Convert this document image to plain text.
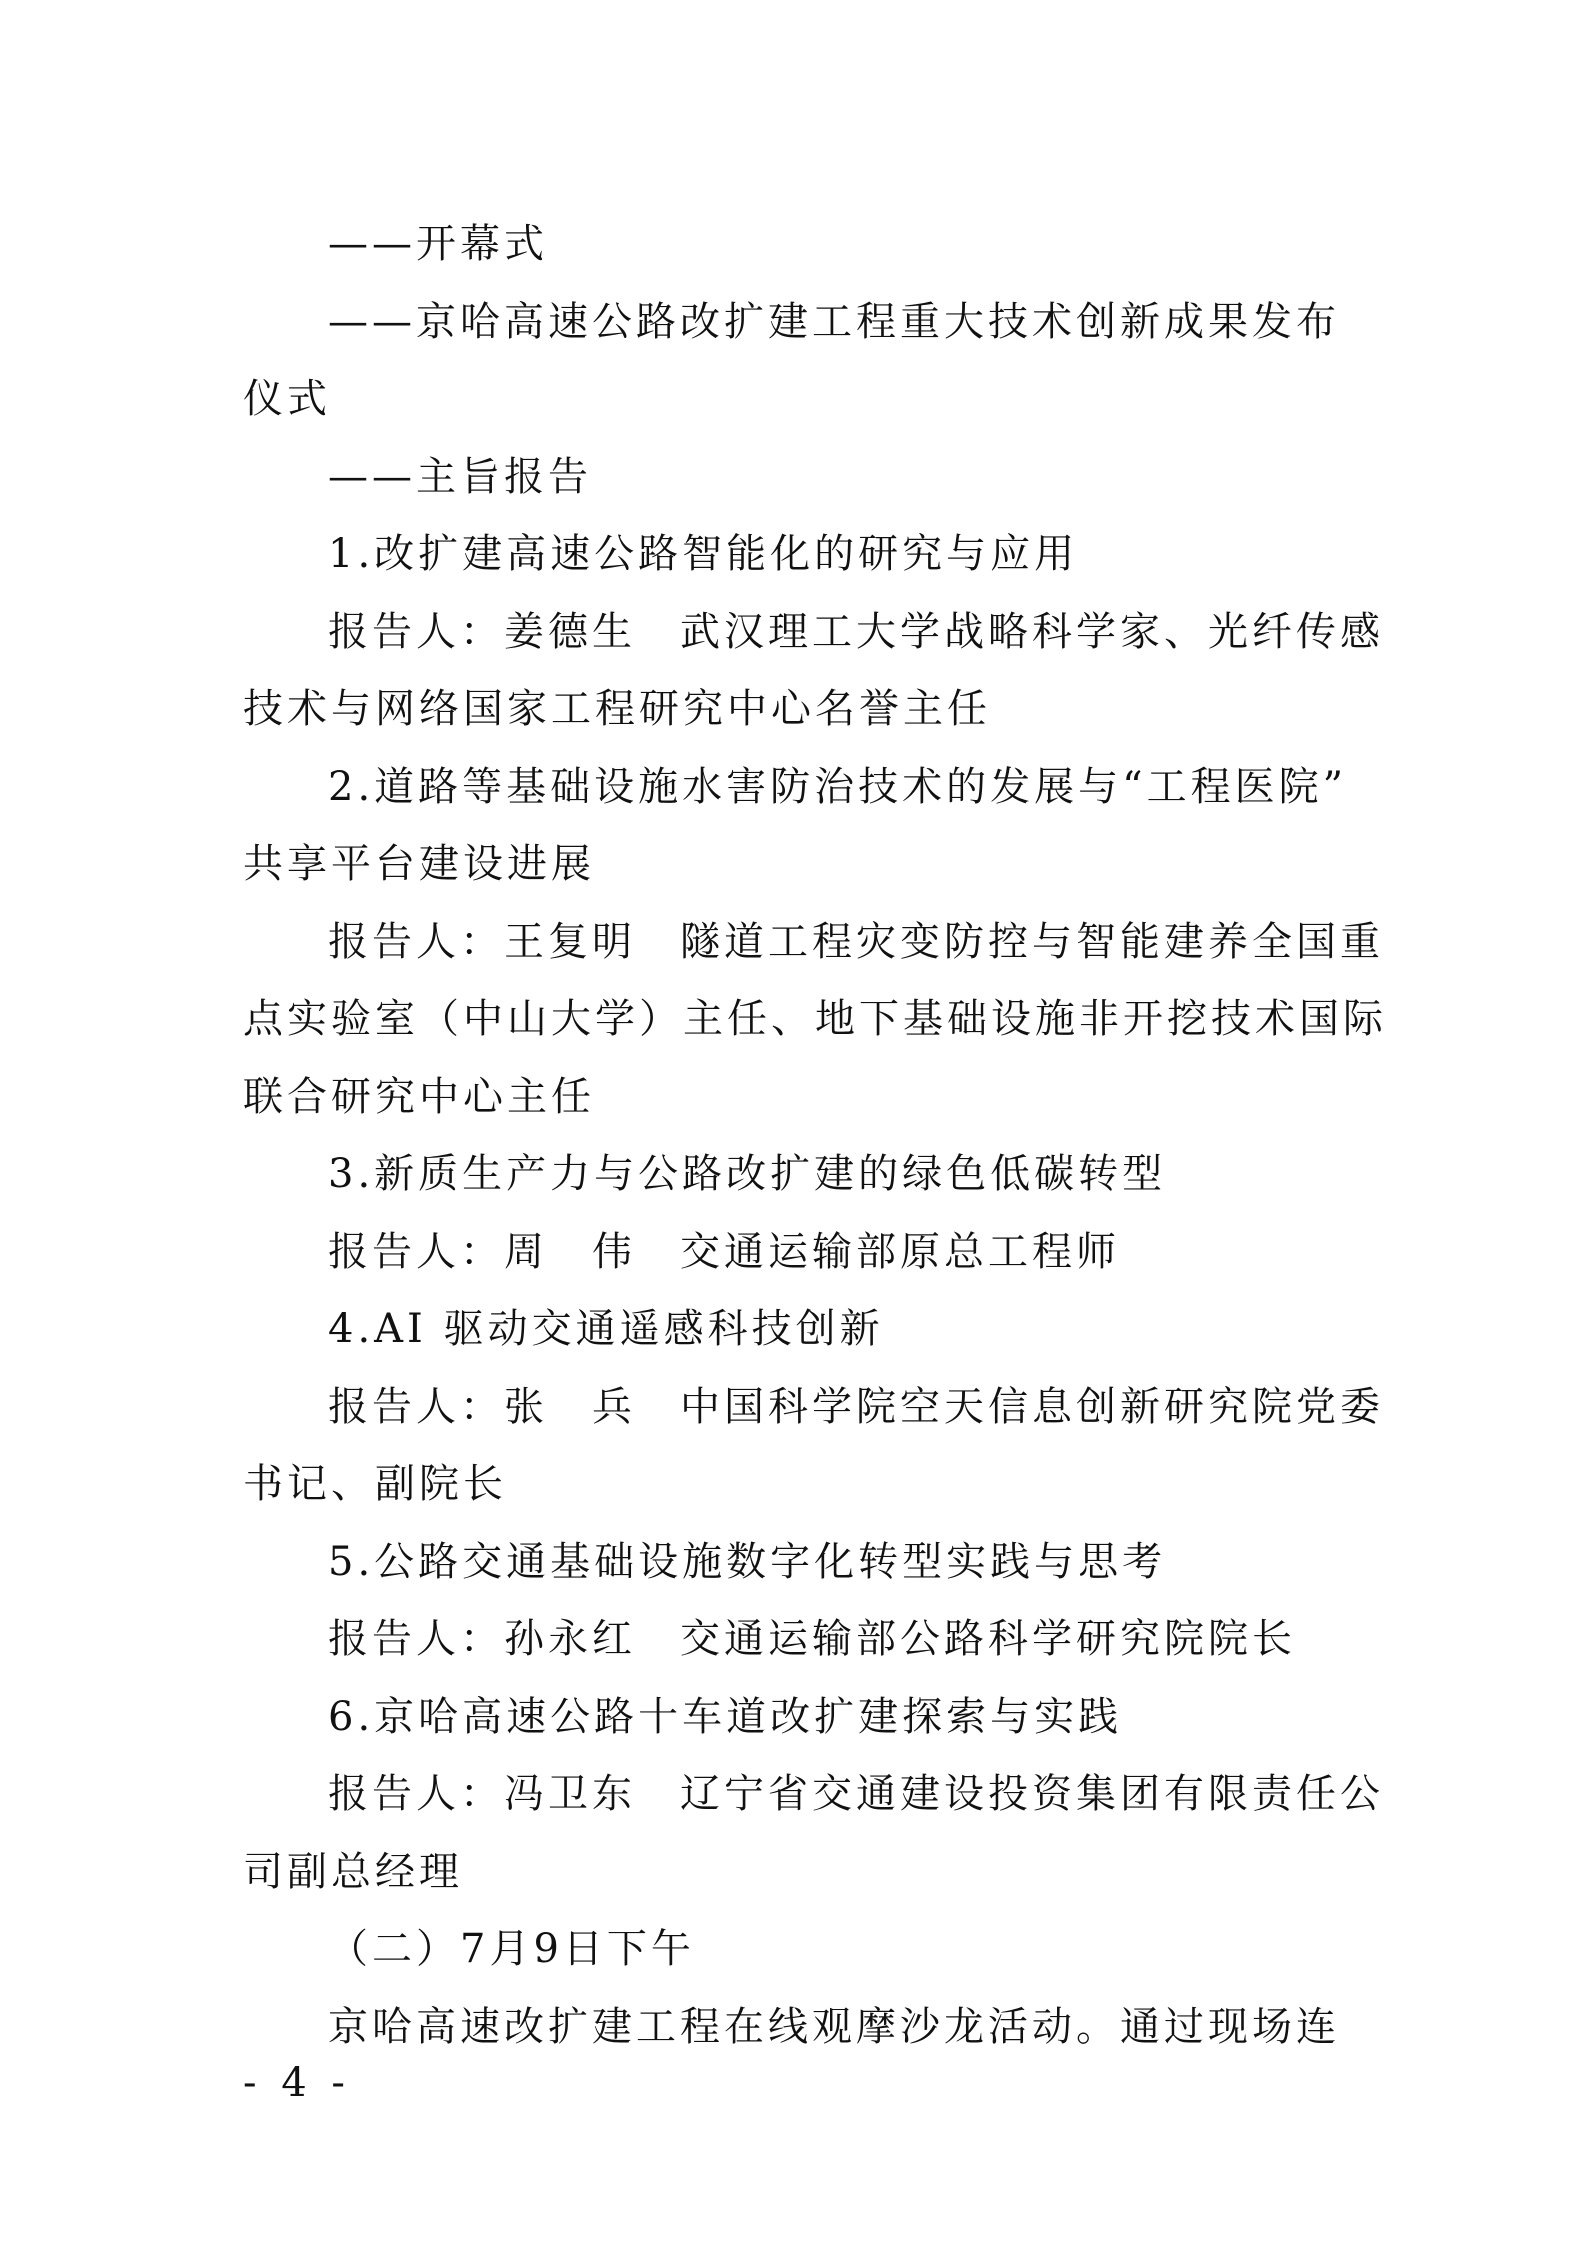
——开幕式
——京哈高速公路改扩建工程重大技术创新成果发布
仪式
——主旨报告
1.改扩建高速公路智能化的研究与应用
报告人：姜德生　武汉理工大学战略科学家、光纤传感
技术与网络国家工程研究中心名誉主任
2.道路等基础设施水害防治技术的发展与“工程医院”
共享平台建设进展
报告人：王复明　隧道工程灾变防控与智能建养全国重
点实验室（中山大学）主任、地下基础设施非开挖技术国际
联合研究中心主任
3.新质生产力与公路改扩建的绿色低碳转型
报告人：周　伟　交通运输部原总工程师
4.AI 驱动交通遥感科技创新
报告人：张　兵　中国科学院空天信息创新研究院党委
书记、副院长
5.公路交通基础设施数字化转型实践与思考
报告人：孙永红　交通运输部公路科学研究院院长
6.京哈高速公路十车道改扩建探索与实践
报告人：冯卫东　辽宁省交通建设投资集团有限责任公
司副总经理
（二）7月9日下午
京哈高速改扩建工程在线观摩沙龙活动。通过现场连
- 4 -
